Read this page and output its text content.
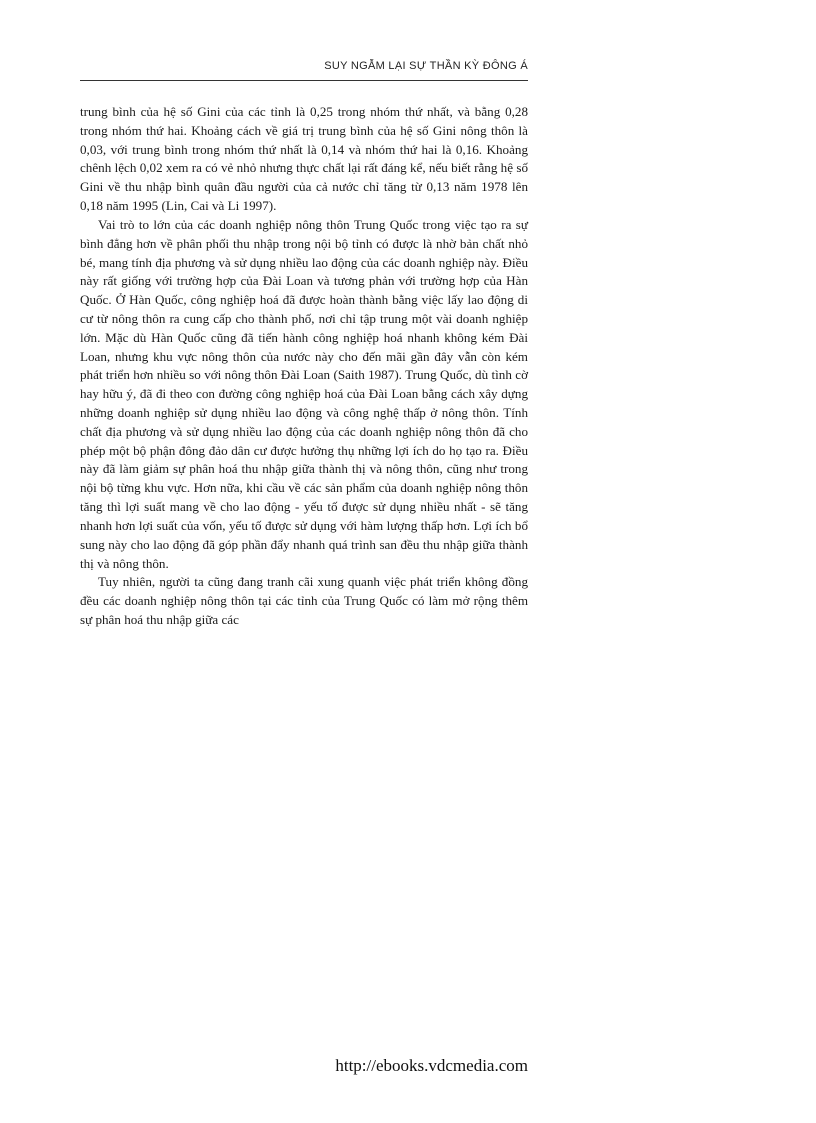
SUY NGẪM LẠI SỰ THẦN KỲ ĐÔNG Á

trung bình của hệ số Gini của các tỉnh là 0,25 trong nhóm thứ nhất, và bằng 0,28 trong nhóm thứ hai. Khoảng cách về giá trị trung bình của hệ số Gini nông thôn là 0,03, với trung bình trong nhóm thứ nhất là 0,14 và nhóm thứ hai là 0,16. Khoảng chênh lệch 0,02 xem ra có vẻ nhỏ nhưng thực chất lại rất đáng kể, nếu biết rằng hệ số Gini về thu nhập bình quân đầu người của cả nước chỉ tăng từ 0,13 năm 1978 lên 0,18 năm 1995 (Lin, Cai và Li 1997).

Vai trò to lớn của các doanh nghiệp nông thôn Trung Quốc trong việc tạo ra sự bình đẳng hơn về phân phối thu nhập trong nội bộ tỉnh có được là nhờ bản chất nhỏ bé, mang tính địa phương và sử dụng nhiều lao động của các doanh nghiệp này. Điều này rất giống với trường hợp của Đài Loan và tương phản với trường hợp của Hàn Quốc. Ở Hàn Quốc, công nghiệp hoá đã được hoàn thành bằng việc lấy lao động di cư từ nông thôn ra cung cấp cho thành phố, nơi chỉ tập trung một vài doanh nghiệp lớn. Mặc dù Hàn Quốc cũng đã tiến hành công nghiệp hoá nhanh không kém Đài Loan, nhưng khu vực nông thôn của nước này cho đến mãi gần đây vẫn còn kém phát triển hơn nhiều so với nông thôn Đài Loan (Saith 1987). Trung Quốc, dù tình cờ hay hữu ý, đã đi theo con đường công nghiệp hoá của Đài Loan bằng cách xây dựng những doanh nghiệp sử dụng nhiều lao động và công nghệ thấp ở nông thôn. Tính chất địa phương và sử dụng nhiều lao động của các doanh nghiệp nông thôn đã cho phép một bộ phận đông đảo dân cư được hưởng thụ những lợi ích do họ tạo ra. Điều này đã làm giảm sự phân hoá thu nhập giữa thành thị và nông thôn, cũng như trong nội bộ từng khu vực. Hơn nữa, khi cầu về các sản phẩm của doanh nghiệp nông thôn tăng thì lợi suất mang về cho lao động - yếu tố được sử dụng nhiều nhất - sẽ tăng nhanh hơn lợi suất của vốn, yếu tố được sử dụng với hàm lượng thấp hơn. Lợi ích bổ sung này cho lao động đã góp phần đẩy nhanh quá trình san đều thu nhập giữa thành thị và nông thôn.

Tuy nhiên, người ta cũng đang tranh cãi xung quanh việc phát triển không đồng đều các doanh nghiệp nông thôn tại các tỉnh của Trung Quốc có làm mở rộng thêm sự phân hoá thu nhập giữa các

http://ebooks.vdcmedia.com
